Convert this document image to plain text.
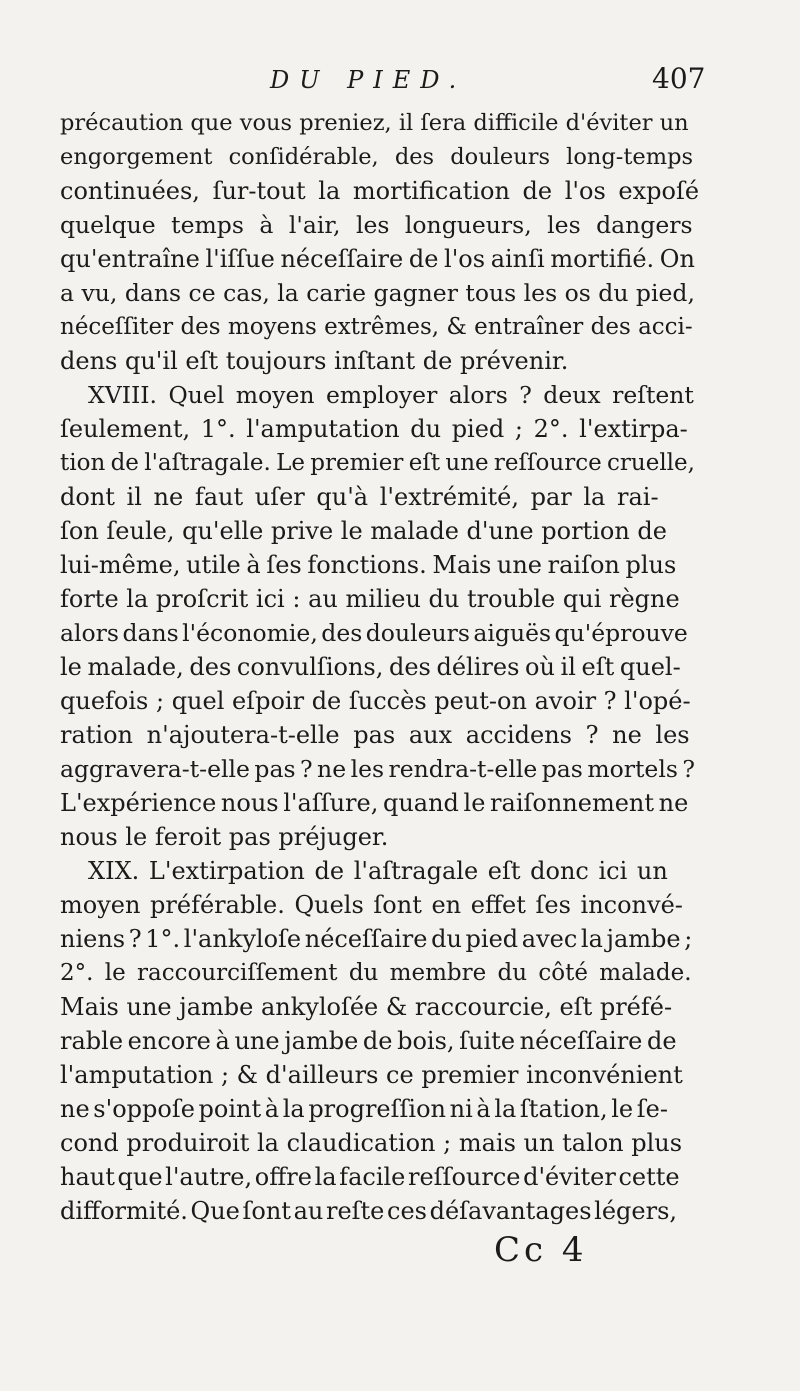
DU PIED.	407
précaution que vous preniez, il ſera difficile d'éviter un
engorgement conſidérable, des douleurs long-temps
continuées, ſur-tout la mortification de l'os expoſé
quelque temps à l'air, les longueurs, les dangers
qu'entraîne l'iſſue néceſſaire de l'os ainſi mortifié. On
a vu, dans ce cas, la carie gagner tous les os du pied,
néceſſiter des moyens extrêmes, & entraîner des acci-
dens qu'il eſt toujours inſtant de prévenir.
XVIII. Quel moyen employer alors ? deux reſtent
ſeulement, 1°. l'amputation du pied ; 2°. l'extirpa-
tion de l'aſtragale. Le premier eſt une reſſource cruelle,
dont il ne faut uſer qu'à l'extrémité, par la rai-
ſon ſeule, qu'elle prive le malade d'une portion de
lui-même, utile à ſes fonctions. Mais une raiſon plus
forte la proſcrit ici : au milieu du trouble qui règne
alors dans l'économie, des douleurs aiguës qu'éprouve
le malade, des convulſions, des délires où il eſt quel-
quefois ; quel eſpoir de ſuccès peut-on avoir ? l'opé-
ration n'ajoutera-t-elle pas aux accidens ? ne les
aggravera-t-elle pas ? ne les rendra-t-elle pas mortels ?
L'expérience nous l'aſſure, quand le raiſonnement ne
nous le feroit pas préjuger.
XIX. L'extirpation de l'aſtragale eſt donc ici un
moyen préférable. Quels ſont en effet ſes inconvé-
niens ? 1°. l'ankyloſe néceſſaire du pied avec la jambe ;
2°. le raccourciſſement du membre du côté malade.
Mais une jambe ankyloſée & raccourcie, eſt préfé-
rable encore à une jambe de bois, ſuite néceſſaire de
l'amputation ; & d'ailleurs ce premier inconvénient
ne s'oppoſe point à la progreſſion ni à la ſtation, le ſe-
cond produiroit la claudication ; mais un talon plus
haut que l'autre, offre la facile reſſource d'éviter cette
difformité. Que ſont au reſte ces déſavantages légers,
Cc 4
